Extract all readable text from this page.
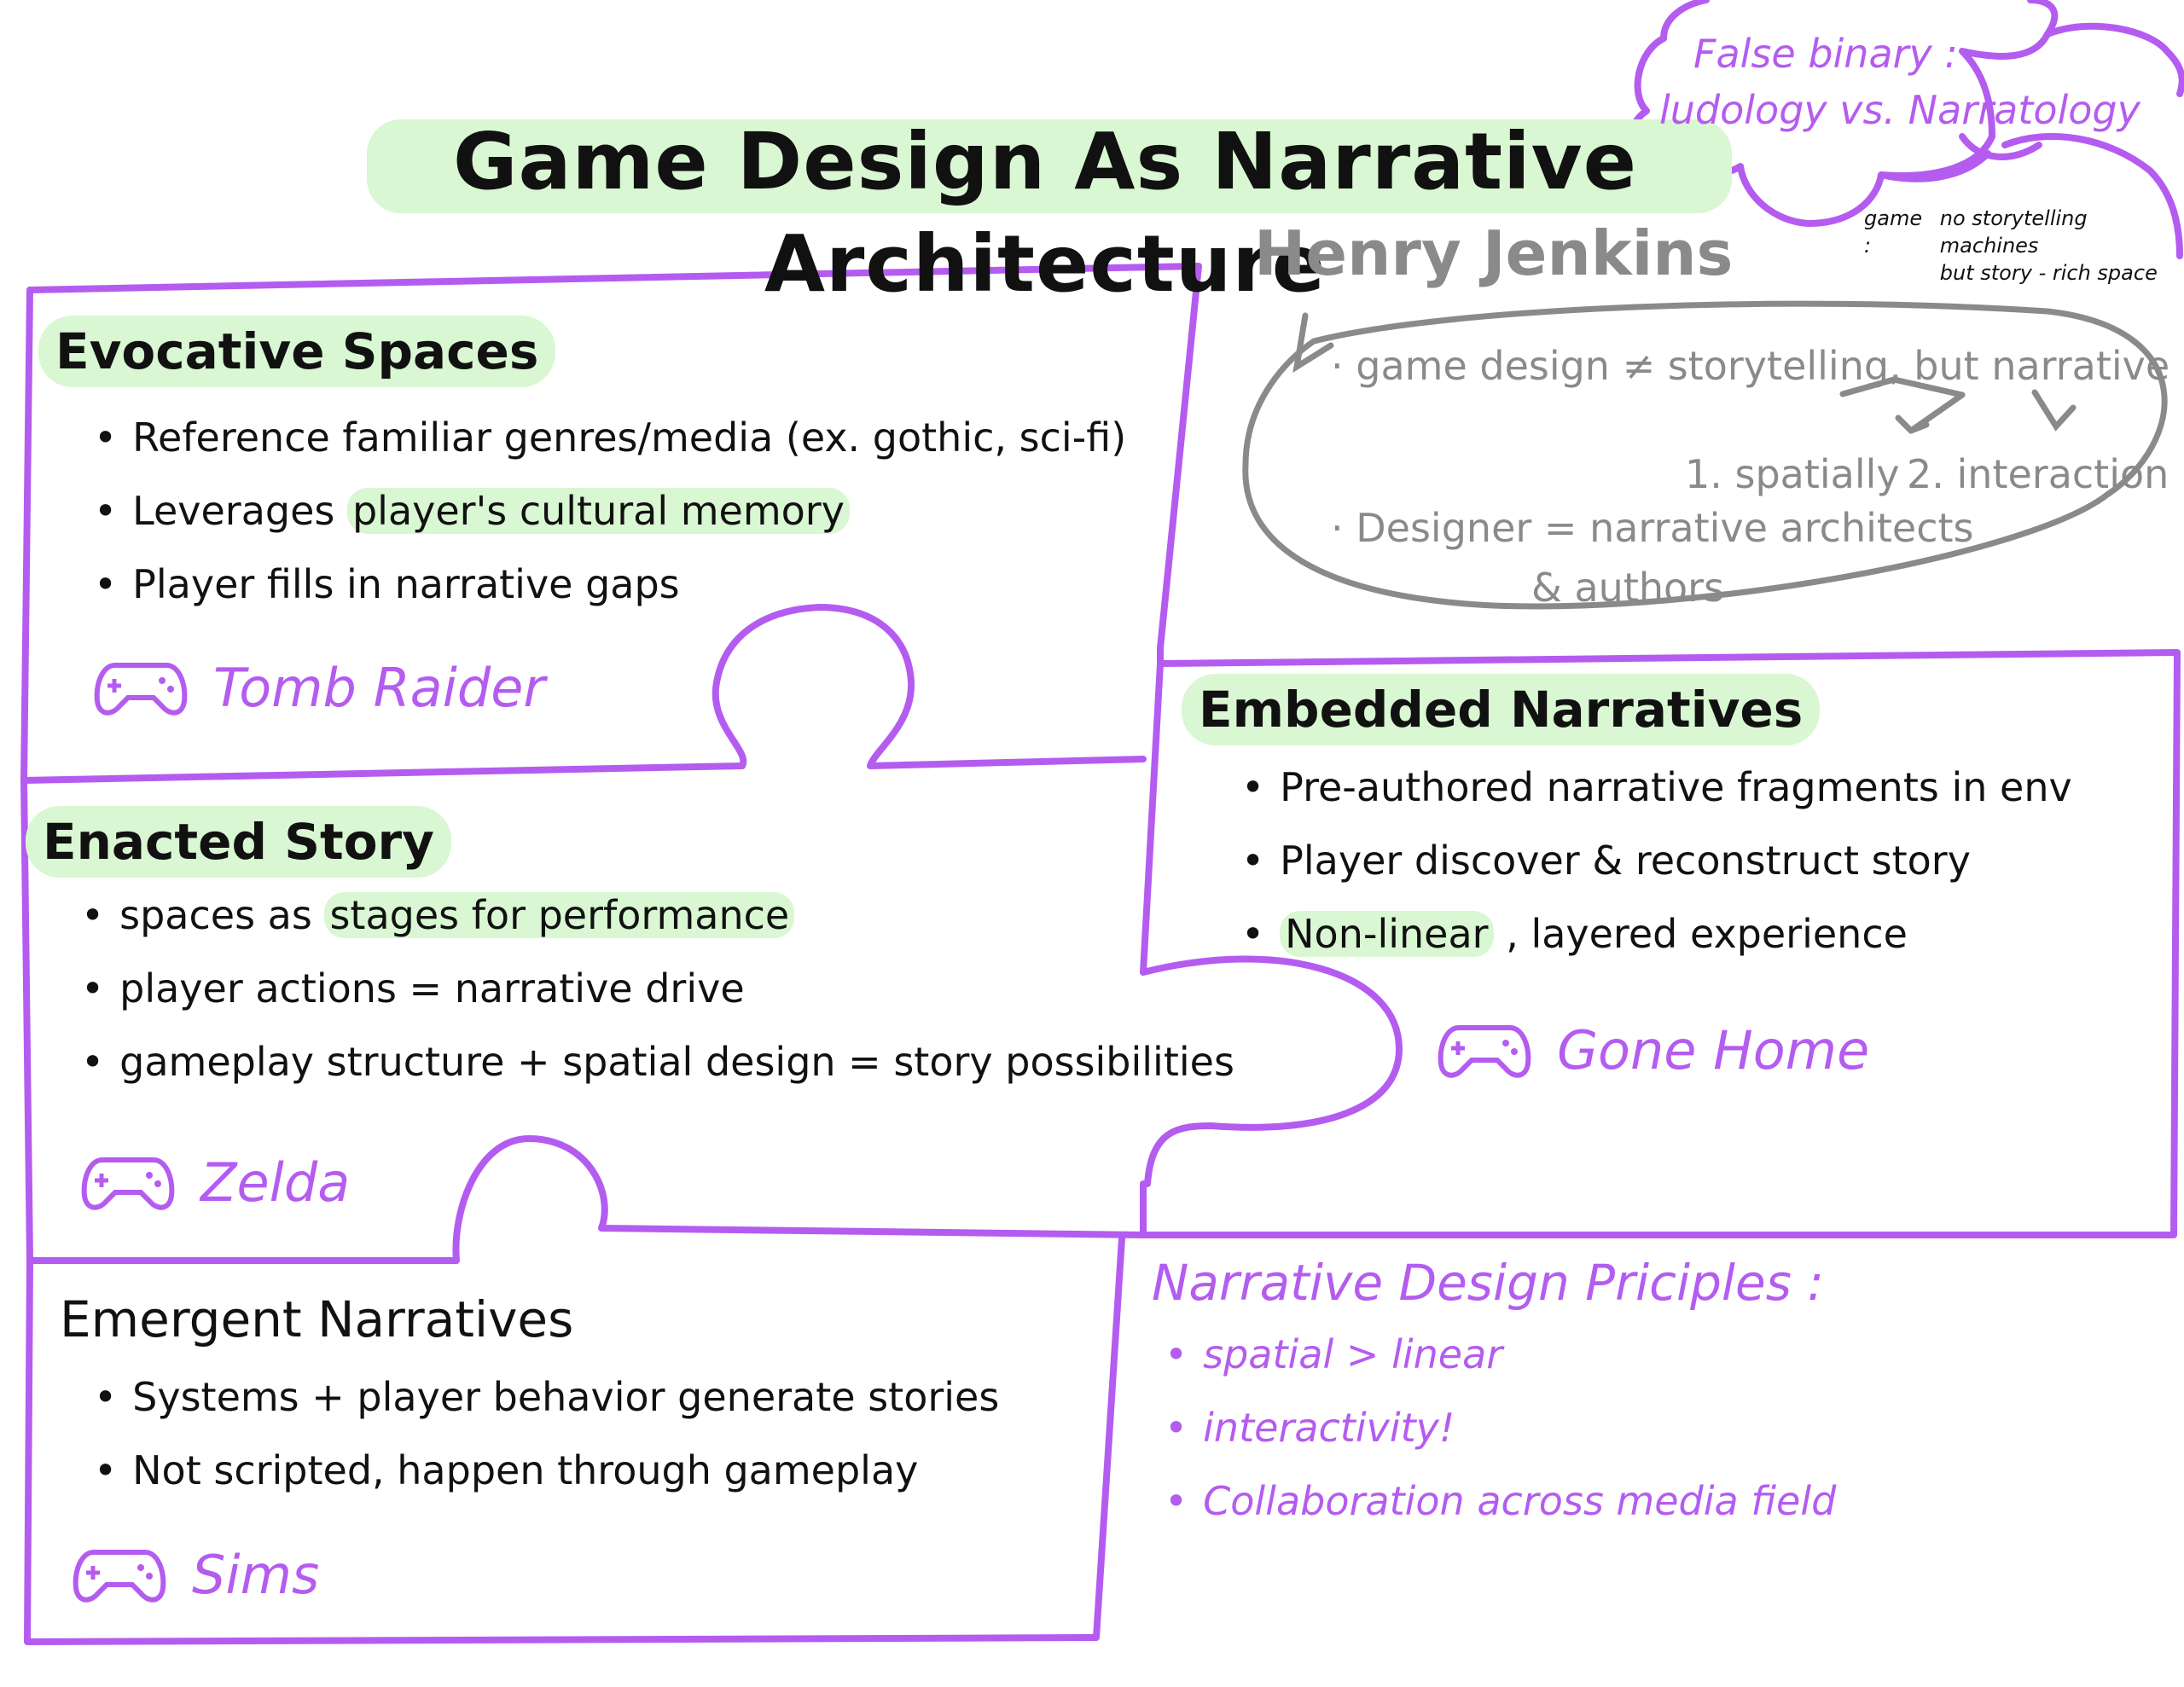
Game Design As Narrative Architecture
Henry Jenkins
False binary :
ludology vs. Narratology
game :
no storytelling machines
but story - rich space
· game design ≠ storytelling, but narrative
1. spatially 2. interaction
· Designer = narrative architects
& authors
Evocative Spaces
• Reference familiar genres/media (ex. gothic, sci-fi)
• Leverages player's cultural memory
• Player fills in narrative gaps
Tomb Raider
Enacted Story
• spaces as stages for performance
• player actions = narrative drive
• gameplay structure + spatial design = story possibilities
Zelda
Embedded Narratives
• Pre-authored narrative fragments in env
• Player discover & reconstruct story
• Non-linear , layered experience
Gone Home
Emergent Narratives
• Systems + player behavior generate stories
• Not scripted, happen through gameplay
Sims
Narrative Design Priciples :
• spatial > linear
• interactivity!
• Collaboration across media field
